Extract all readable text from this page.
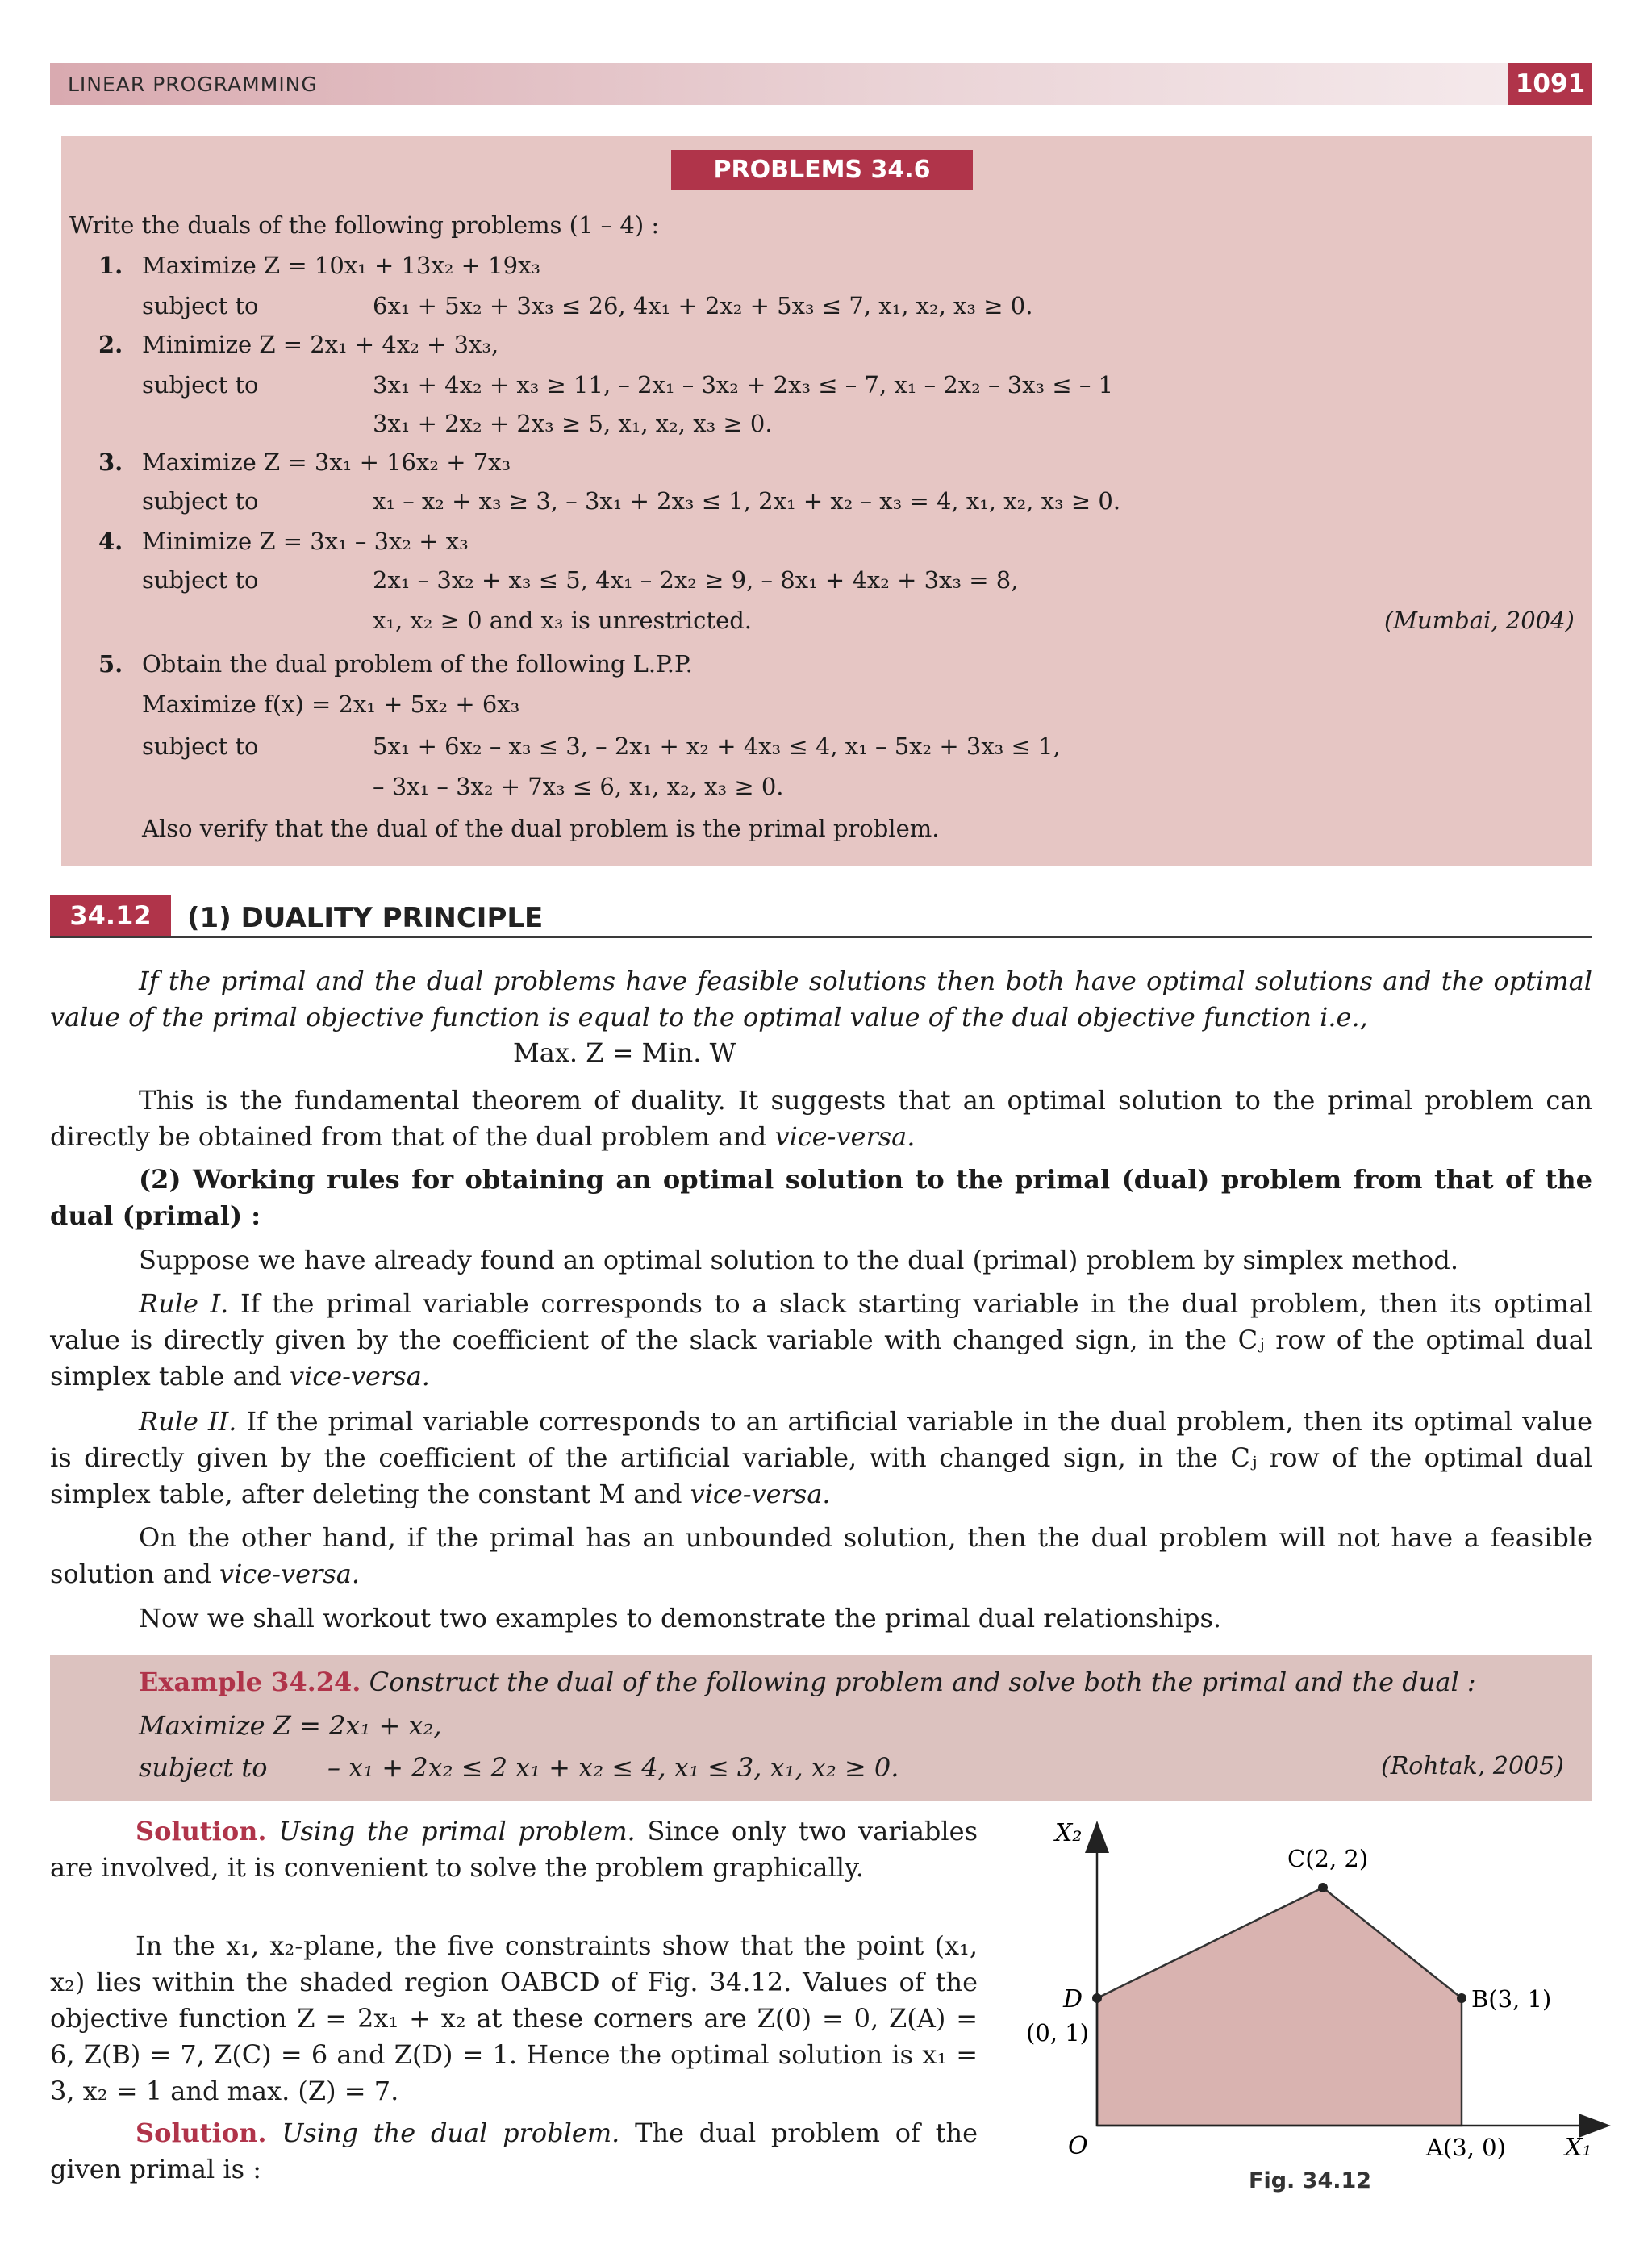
LINEAR PROGRAMMING	1091
PROBLEMS 34.6
Write the duals of the following problems (1 – 4) :
1. Maximize Z = 10x₁ + 13x₂ + 19x₃
subject to	6x₁ + 5x₂ + 3x₃ ≤ 26, 4x₁ + 2x₂ + 5x₃ ≤ 7, x₁, x₂, x₃ ≥ 0.
2. Minimize Z = 2x₁ + 4x₂ + 3x₃,
subject to	3x₁ + 4x₂ + x₃ ≥ 11, – 2x₁ – 3x₂ + 2x₃ ≤ – 7, x₁ – 2x₂ – 3x₃ ≤ – 1
3x₁ + 2x₂ + 2x₃ ≥ 5, x₁, x₂, x₃ ≥ 0.
3. Maximize Z = 3x₁ + 16x₂ + 7x₃
subject to	x₁ – x₂ + x₃ ≥ 3, – 3x₁ + 2x₃ ≤ 1, 2x₁ + x₂ – x₃ = 4, x₁, x₂, x₃ ≥ 0.
4. Minimize Z = 3x₁ – 3x₂ + x₃
subject to	2x₁ – 3x₂ + x₃ ≤ 5, 4x₁ – 2x₂ ≥ 9, – 8x₁ + 4x₂ + 3x₃ = 8,
x₁, x₂ ≥ 0 and x₃ is unrestricted.	(Mumbai, 2004)
5. Obtain the dual problem of the following L.P.P.
Maximize f(x) = 2x₁ + 5x₂ + 6x₃
subject to	5x₁ + 6x₂ – x₃ ≤ 3, – 2x₁ + x₂ + 4x₃ ≤ 4, x₁ – 5x₂ + 3x₃ ≤ 1,
– 3x₁ – 3x₂ + 7x₃ ≤ 6, x₁, x₂, x₃ ≥ 0.
Also verify that the dual of the dual problem is the primal problem.
34.12	(1) DUALITY PRINCIPLE
If the primal and the dual problems have feasible solutions then both have optimal solutions and the optimal value of the primal objective function is equal to the optimal value of the dual objective function i.e.,
Max. Z = Min. W
This is the fundamental theorem of duality. It suggests that an optimal solution to the primal problem can directly be obtained from that of the dual problem and vice-versa.
(2) Working rules for obtaining an optimal solution to the primal (dual) problem from that of the dual (primal) :
Suppose we have already found an optimal solution to the dual (primal) problem by simplex method.
Rule I. If the primal variable corresponds to a slack starting variable in the dual problem, then its optimal value is directly given by the coefficient of the slack variable with changed sign, in the Cⱼ row of the optimal dual simplex table and vice-versa.
Rule II. If the primal variable corresponds to an artificial variable in the dual problem, then its optimal value is directly given by the coefficient of the artificial variable, with changed sign, in the Cⱼ row of the optimal dual simplex table, after deleting the constant M and vice-versa.
On the other hand, if the primal has an unbounded solution, then the dual problem will not have a feasible solution and vice-versa.
Now we shall workout two examples to demonstrate the primal dual relationships.
Example 34.24. Construct the dual of the following problem and solve both the primal and the dual :
Maximize Z = 2x₁ + x₂,
subject to – x₁ + 2x₂ ≤ 2 x₁ + x₂ ≤ 4, x₁ ≤ 3, x₁, x₂ ≥ 0.	(Rohtak, 2005)
Solution. Using the primal problem. Since only two variables are involved, it is convenient to solve the problem graphically.
In the x₁, x₂-plane, the five constraints show that the point (x₁, x₂) lies within the shaded region OABCD of Fig. 34.12. Values of the objective function Z = 2x₁ + x₂ at these corners are Z(0) = 0, Z(A) = 6, Z(B) = 7, Z(C) = 6 and Z(D) = 1. Hence the optimal solution is x₁ = 3, x₂ = 1 and max. (Z) = 7.
Solution. Using the dual problem. The dual problem of the given primal is :
X₂
X₁
O	A(3, 0)
B(3, 1)
C(2, 2)
D
(0, 1)
Fig. 34.12
